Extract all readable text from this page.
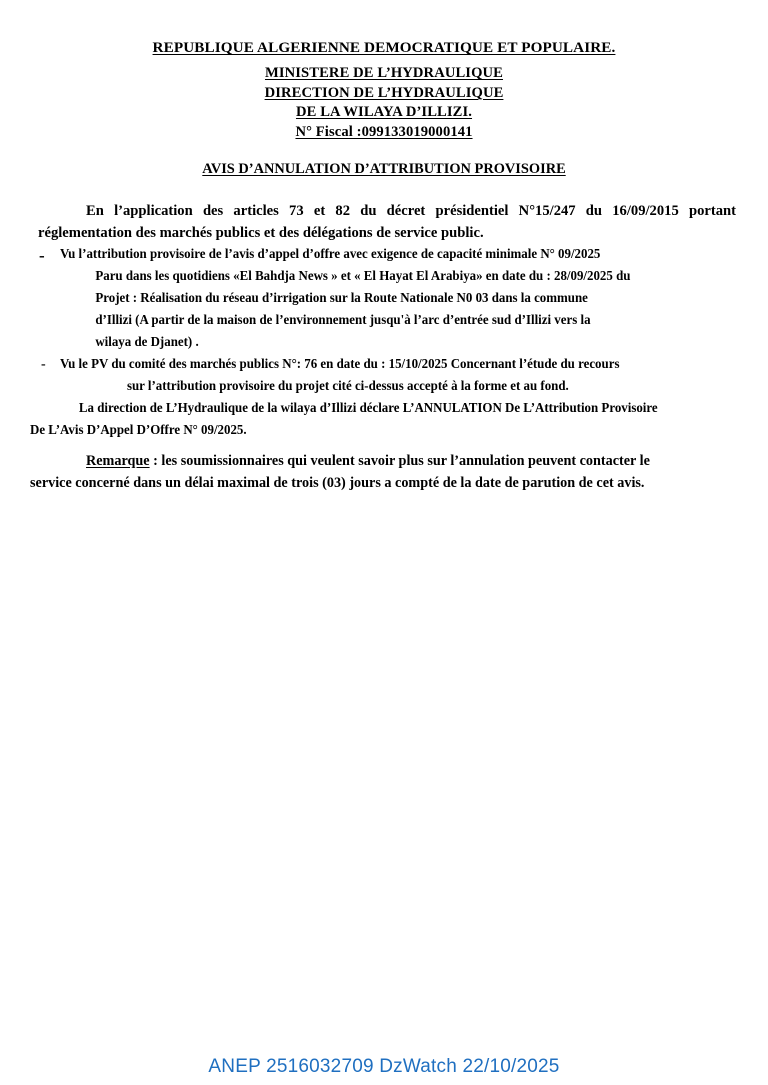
REPUBLIQUE ALGERIENNE DEMOCRATIQUE ET POPULAIRE.
MINISTERE DE L’HYDRAULIQUE
DIRECTION DE L’HYDRAULIQUE
DE LA WILAYA D’ILLIZI.
N° Fiscal :099133019000141
AVIS D’ANNULATION D’ATTRIBUTION PROVISOIRE

En l’application des articles 73 et 82 du décret présidentiel N°15/247 du 16/09/2015 portant réglementation des marchés publics et des délégations de service public.

- Vu l’attribution provisoire de l’avis d’appel d’offre avec exigence de capacité minimale N° 09/2025
Paru dans les quotidiens «El Bahdja News » et « El Hayat El Arabiya» en date du : 28/09/2025 du
Projet : Réalisation du réseau d’irrigation sur la Route Nationale N0 03 dans la commune
d’Illizi (A partir de la maison de l’environnement jusqu'à l’arc d’entrée sud d’Illizi vers la
wilaya de Djanet) .
- Vu le PV du comité des marchés publics N°: 76 en date du : 15/10/2025 Concernant l’étude du recours
sur l’attribution provisoire du projet cité ci-dessus accepté à la forme et au fond.
La direction de L’Hydraulique de la wilaya d’Illizi déclare L’ANNULATION De L’Attribution Provisoire
De L’Avis D’Appel D’Offre N° 09/2025.

Remarque : les soumissionnaires qui veulent savoir plus sur l’annulation peuvent contacter le
service concerné dans un délai maximal de trois (03) jours a compté de la date de parution de cet avis.

ANEP 2516032709 DzWatch 22/10/2025
